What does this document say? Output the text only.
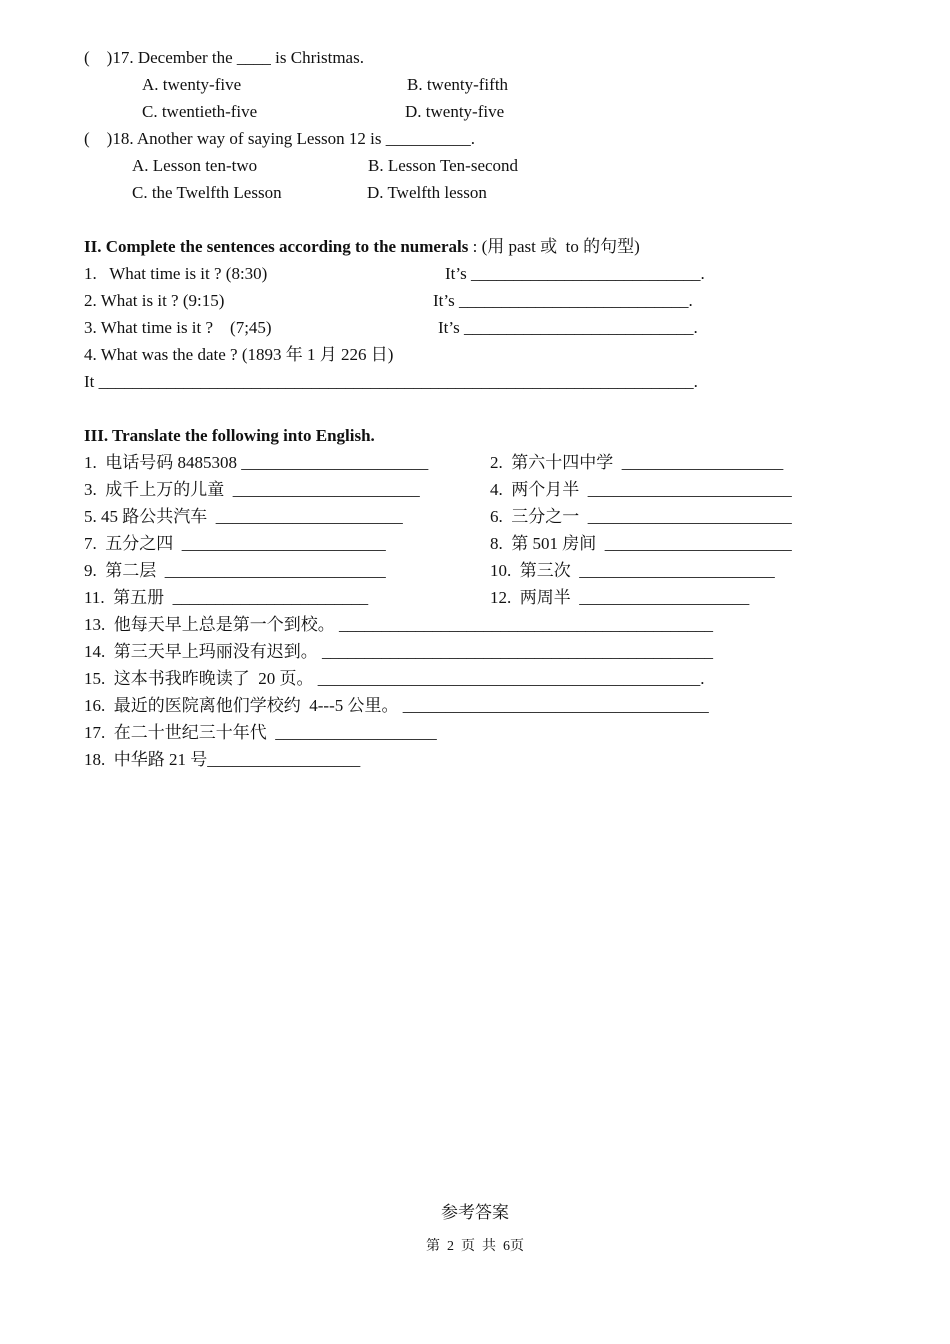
(    )17. December the ____ is Christmas.
A. twenty-five	B. twenty-fifth
C. twentieth-five	D. twenty-five
(    )18. Another way of saying Lesson 12 is __________.
A. Lesson ten-two	B. Lesson Ten-second
C. the Twelfth Lesson	D. Twelfth lesson
II. Complete the sentences according to the numerals : (用 past 或  to 的句型)
1.   What time is it ? (8:30)	It’s ___________________________.
2. What is it ? (9:15)	It’s ___________________________.
3. What time is it ?    (7;45)	It’s ___________________________.
4. What was the date ? (1893 年 1 月 226 日)
It ______________________________________________________________________.
III. Translate the following into English.
1.  电话号码 8485308 ______________________	2.  第六十四中学  ___________________
3.  成千上万的儿童  ______________________	4.  两个月半  ________________________
5. 45 路公共汽车  ______________________	6.  三分之一  ________________________
7.  五分之四  ________________________	8.  第 501 房间  ______________________
9.  第二层  __________________________	10.  第三次  _______________________
11.  第五册  _______________________	12.  两周半  ____________________
13.  他每天早上总是第一个到校。 ____________________________________________
14.  第三天早上玛丽没有迟到。 ______________________________________________
15.  这本书我昨晚读了  20 页。 _____________________________________________.
16.  最近的医院离他们学校约  4---5 公里。 ____________________________________
17.  在二十世纪三十年代  ___________________
18.  中华路 21 号__________________
参考答案
第  2  页  共  6页
